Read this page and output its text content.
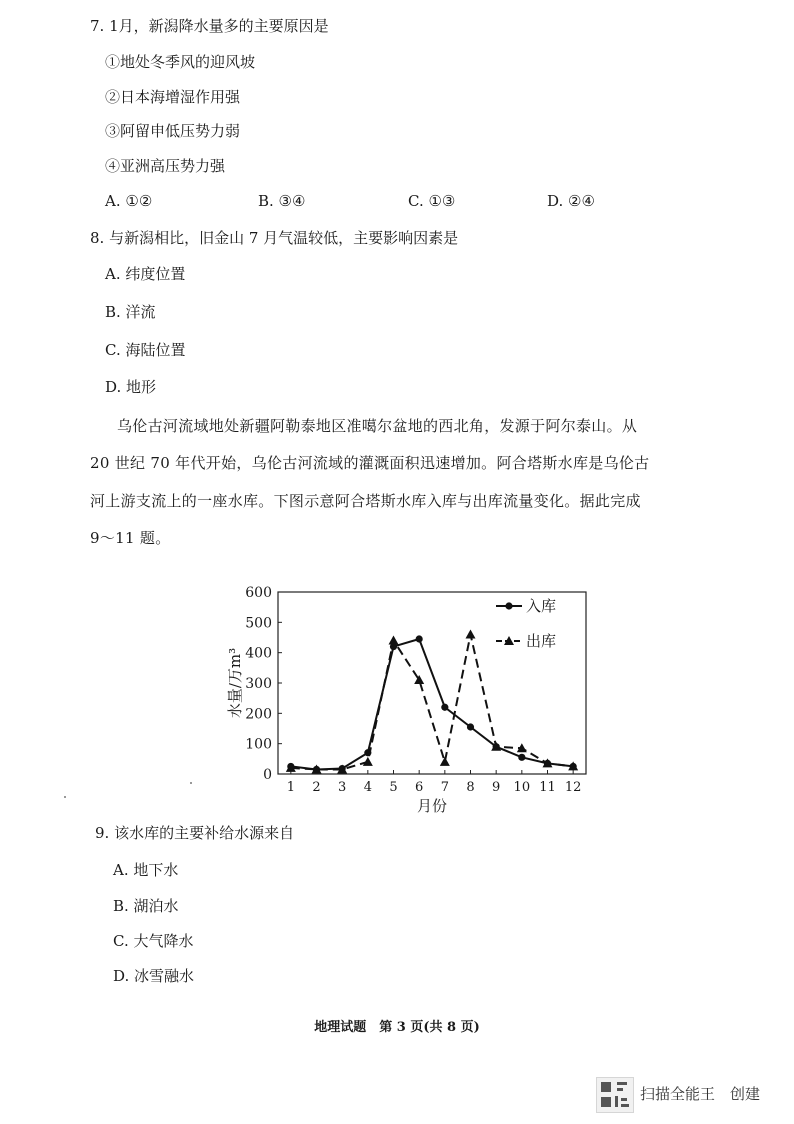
7. 1月，新潟降水量多的主要原因是
①地处冬季风的迎风坡
②日本海增湿作用强
③阿留申低压势力弱
④亚洲高压势力强
A. ①②	B. ③④	C. ①③	D. ②④
8. 与新潟相比，旧金山 7 月气温较低，主要影响因素是
A. 纬度位置
B. 洋流
C. 海陆位置
D. 地形
乌伦古河流域地处新疆阿勒泰地区准噶尔盆地的西北角，发源于阿尔泰山。从
20 世纪 70 年代开始，乌伦古河流域的灌溉面积迅速增加。阿合塔斯水库是乌伦古
河上游支流上的一座水库。下图示意阿合塔斯水库入库与出库流量变化。据此完成
9～11 题。
0
100
200
300
400
500
600
1 2 3 4 5 6 7 8 9 10 11 12
月份
水量/万m³
入库
出库
9. 该水库的主要补给水源来自
A. 地下水
B. 湖泊水
C. 大气降水
D. 冰雪融水
地理试题　第 3 页(共 8 页)
扫描全能王　创建
